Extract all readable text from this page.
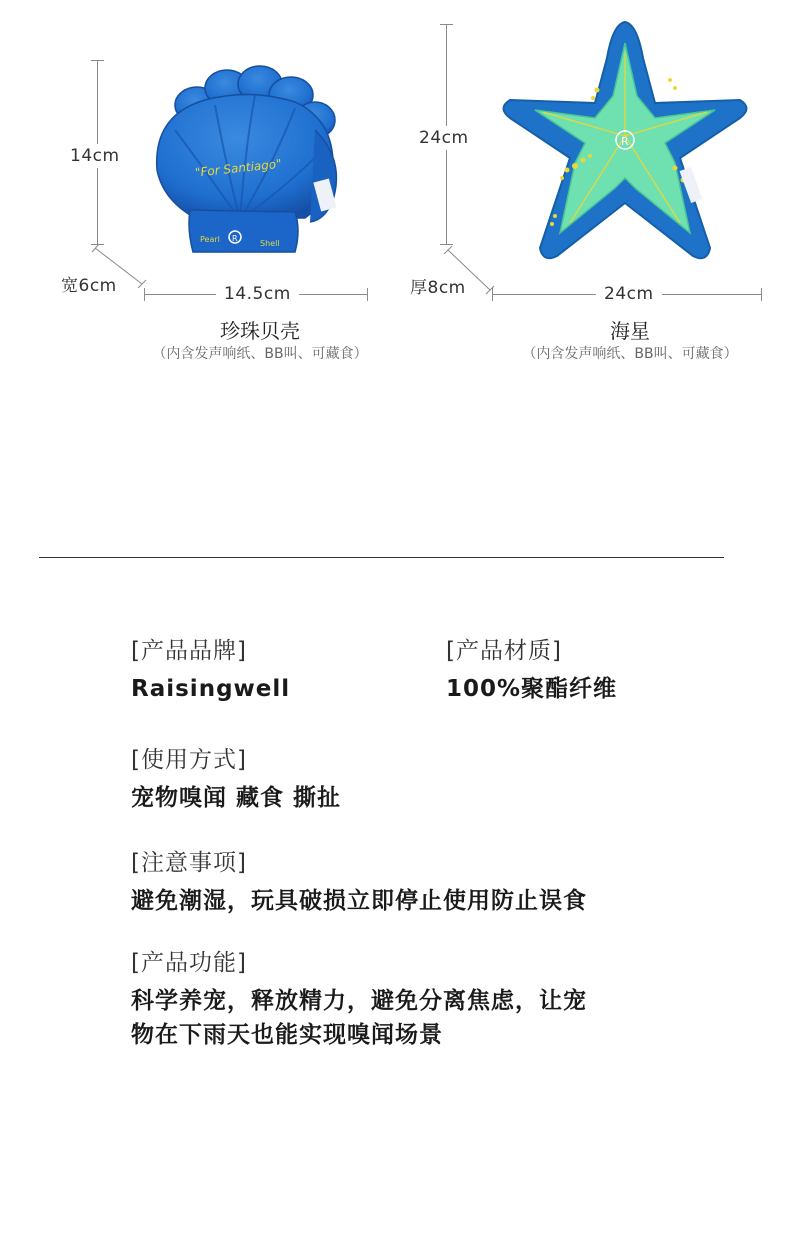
14cm
宽6cm	14.5cm
"For Santiago"
Pearl	Shell
R
珍珠贝壳
（内含发声响纸、BB叫、可藏食）
24cm
厚8cm	24cm
R
海星
（内含发声响纸、BB叫、可藏食）
[产品品牌]
Raisingwell
[产品材质]
100%聚酯纤维
[使用方式]
宠物嗅闻 藏食 撕扯
[注意事项]
避免潮湿，玩具破损立即停止使用防止误食
[产品功能]
科学养宠，释放精力，避免分离焦虑，让宠
物在下雨天也能实现嗅闻场景
